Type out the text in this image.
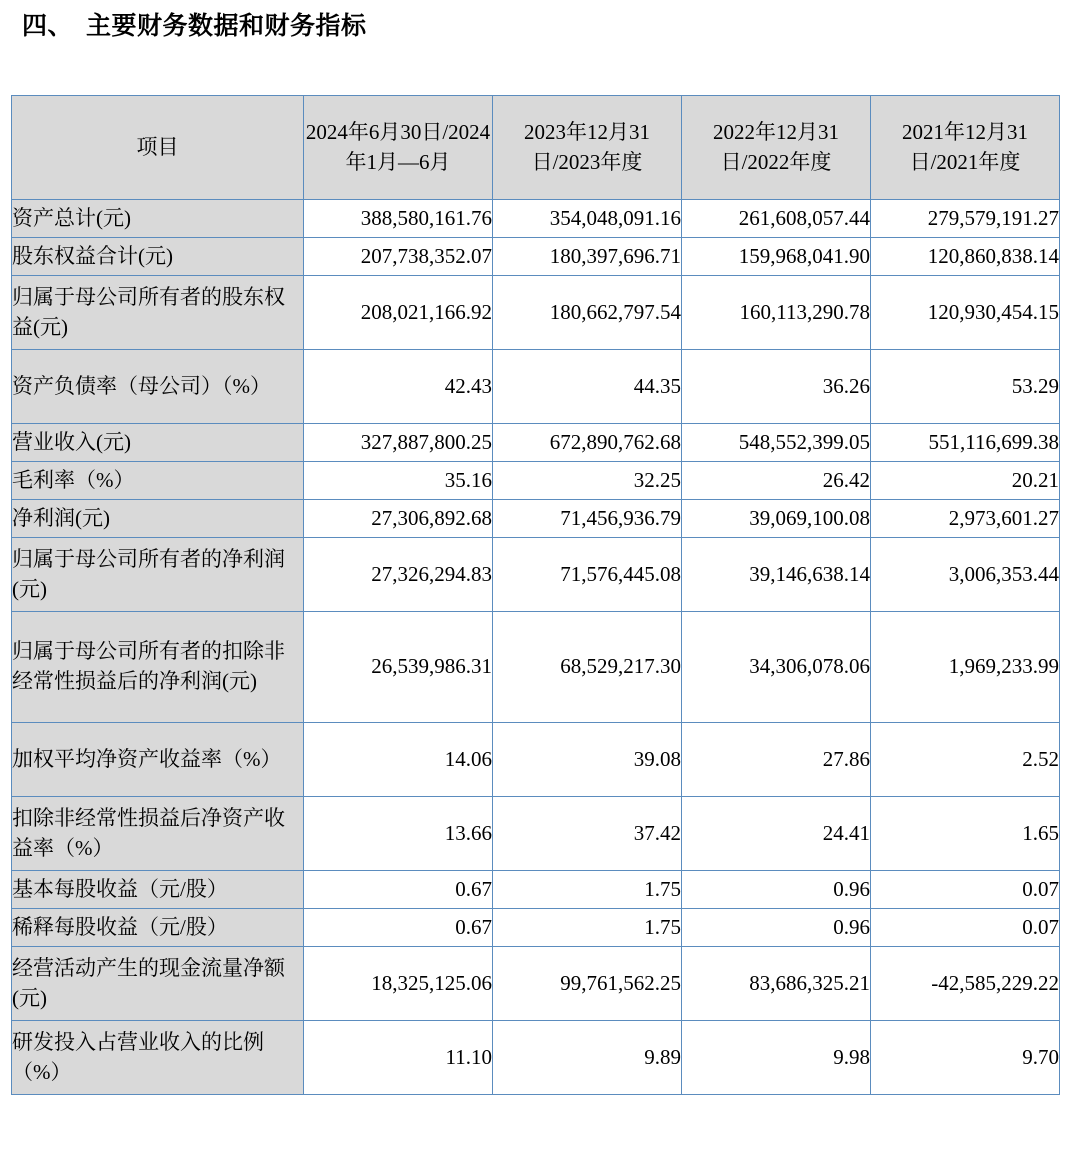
四、　 主要财务数据和财务指标
项目	2024年6月30日/2024年1月—6月	2023年12月31日/2023年度	2022年12月31日/2022年度	2021年12月31日/2021年度
资产总计(元)	388,580,161.76	354,048,091.16	261,608,057.44	279,579,191.27
股东权益合计(元)	207,738,352.07	180,397,696.71	159,968,041.90	120,860,838.14
归属于母公司所有者的股东权益(元)	208,021,166.92	180,662,797.54	160,113,290.78	120,930,454.15
资产负债率（母公司）（%）	42.43	44.35	36.26	53.29
营业收入(元)	327,887,800.25	672,890,762.68	548,552,399.05	551,116,699.38
毛利率（%）	35.16	32.25	26.42	20.21
净利润(元)	27,306,892.68	71,456,936.79	39,069,100.08	2,973,601.27
归属于母公司所有者的净利润(元)	27,326,294.83	71,576,445.08	39,146,638.14	3,006,353.44
归属于母公司所有者的扣除非经常性损益后的净利润(元)	26,539,986.31	68,529,217.30	34,306,078.06	1,969,233.99
加权平均净资产收益率（%）	14.06	39.08	27.86	2.52
扣除非经常性损益后净资产收益率（%）	13.66	37.42	24.41	1.65
基本每股收益（元/股）	0.67	1.75	0.96	0.07
稀释每股收益（元/股）	0.67	1.75	0.96	0.07
经营活动产生的现金流量净额(元)	18,325,125.06	99,761,562.25	83,686,325.21	-42,585,229.22
研发投入占营业收入的比例（%）	11.10	9.89	9.98	9.70
